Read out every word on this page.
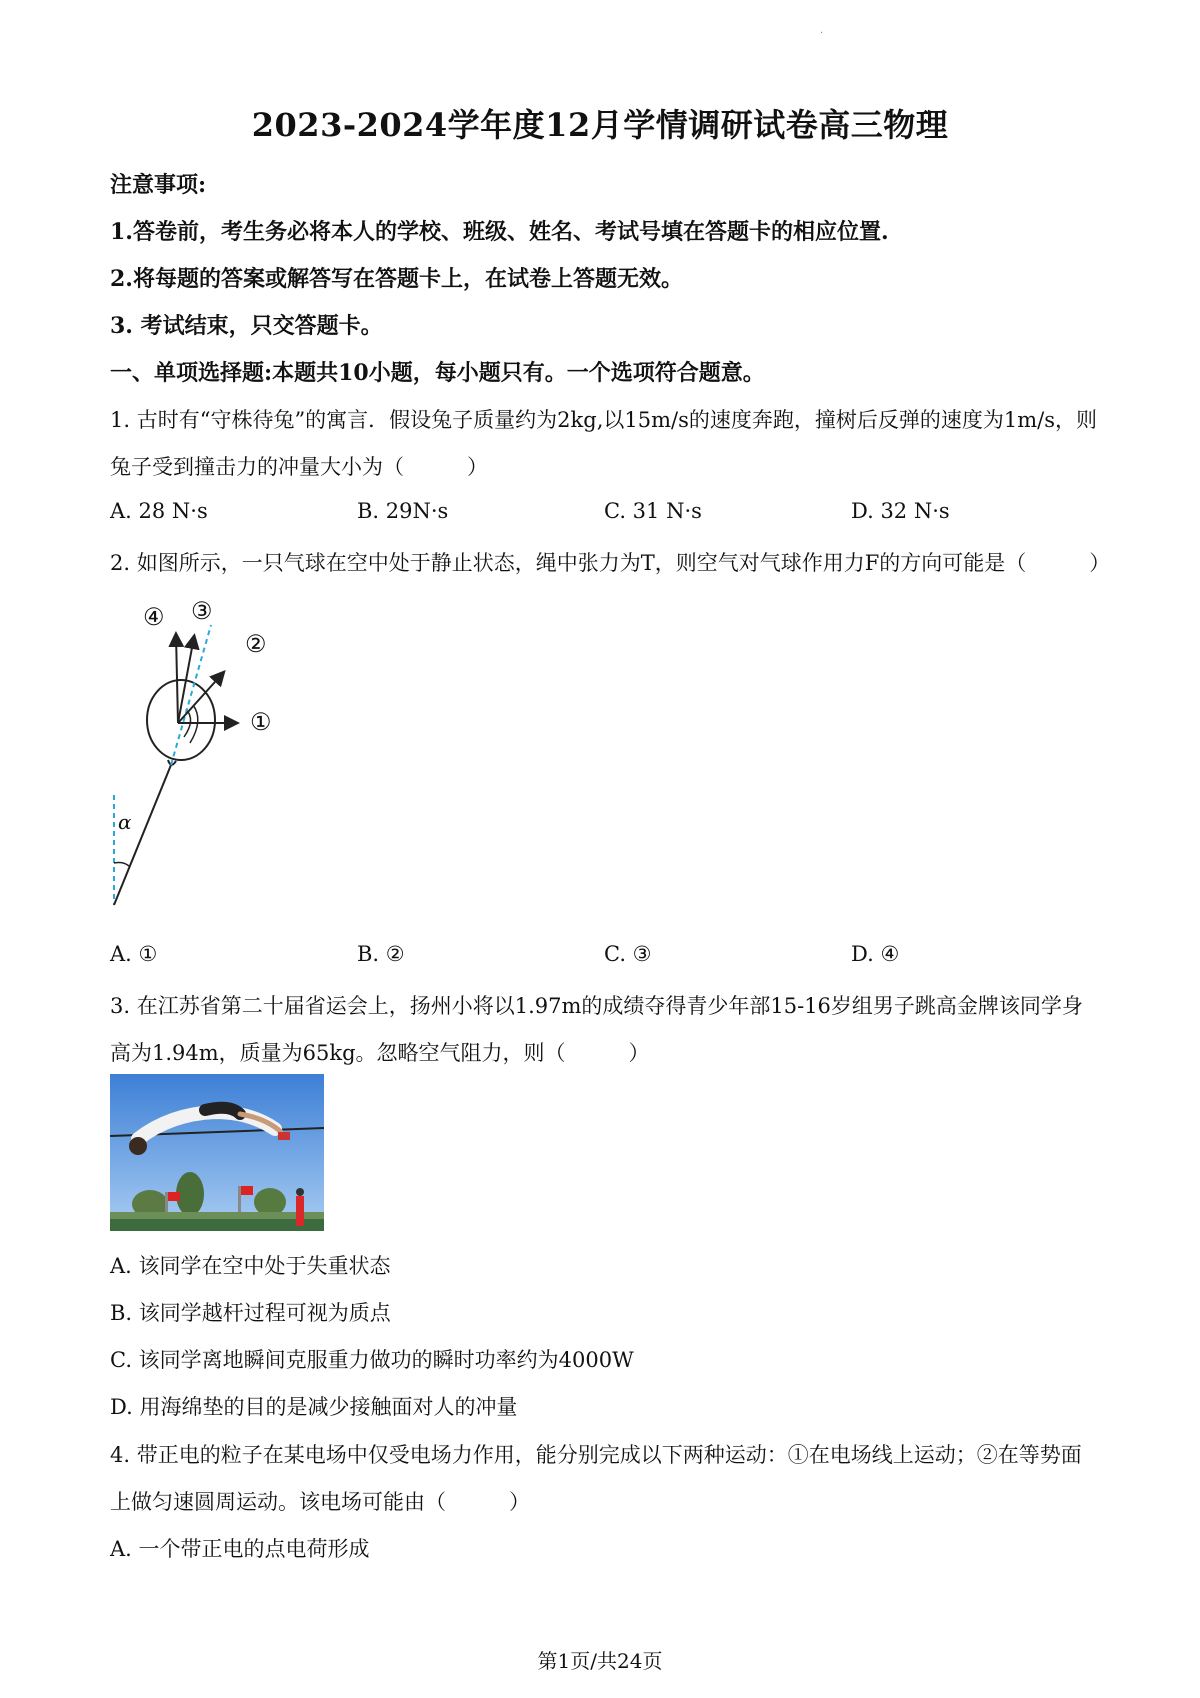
·
2023-2024学年度12月学情调研试卷高三物理
注意事项:
1.答卷前，考生务必将本人的学校、班级、姓名、考试号填在答题卡的相应位置.
2.将每题的答案或解答写在答题卡上，在试卷上答题无效。
3. 考试结束，只交答题卡。
一、单项选择题:本题共10小题，每小题只有。一个选项符合题意。
1. 古时有“守株待兔”的寓言．假设兔子质量约为2kg,以15m/s的速度奔跑，撞树后反弹的速度为1m/s，则
兔子受到撞击力的冲量大小为（　　　）
A. 28 N·s	B. 29N·s	C. 31 N·s	D. 32 N·s
2. 如图所示，一只气球在空中处于静止状态，绳中张力为T，则空气对气球作用力F的方向可能是（　　　）
④ ③
②
①
α
A. ①	B. ②	C. ③	D. ④
3. 在江苏省第二十届省运会上，扬州小将以1.97m的成绩夺得青少年部15-16岁组男子跳高金牌该同学身
高为1.94m，质量为65kg。忽略空气阻力，则（　　　）
A. 该同学在空中处于失重状态
B. 该同学越杆过程可视为质点
C. 该同学离地瞬间克服重力做功的瞬时功率约为4000W
D. 用海绵垫的目的是减少接触面对人的冲量
4. 带正电的粒子在某电场中仅受电场力作用，能分别完成以下两种运动：①在电场线上运动；②在等势面
上做匀速圆周运动。该电场可能由（　　　）
A. 一个带正电的点电荷形成
第1页/共24页
